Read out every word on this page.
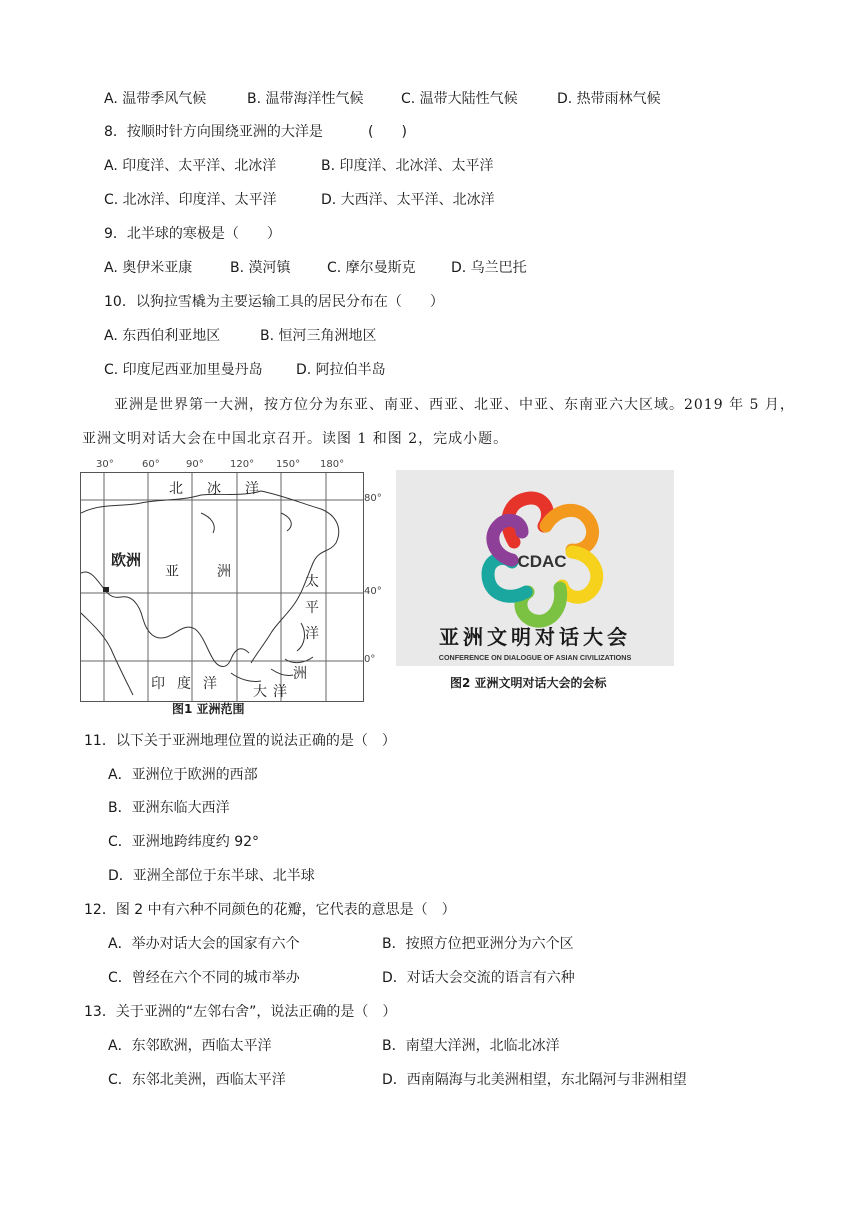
A. 温带季风气候	B. 温带海洋性气候	C. 温带大陆性气候	D. 热带雨林气候
8．按顺时针方向围绕亚洲的大洋是	(　　)
A. 印度洋、太平洋、北冰洋	B. 印度洋、北冰洋、太平洋
C. 北冰洋、印度洋、太平洋	D. 大西洋、太平洋、北冰洋
9．北半球的寒极是（　　）
A. 奥伊米亚康	B. 漠河镇	C. 摩尔曼斯克	D. 乌兰巴托
10．以狗拉雪橇为主要运输工具的居民分布在（　　）
A. 东西伯利亚地区	B. 恒河三角洲地区
C. 印度尼西亚加里曼丹岛 D. 阿拉伯半岛
亚洲是世界第一大洲，按方位分为东亚、南亚、西亚、北亚、中亚、东南亚六大区域。2019 年 5 月，
亚洲文明对话大会在中国北京召开。读图 1 和图 2，完成小题。
30°	60°	90°	120° 150° 180°
北 冰 洋
欧洲
亚	洲
太
平
洋
印 度 洋
洲
大 洋
80°
40°
0°
图1 亚洲范围
CDAC
亚洲文明对话大会
CONFERENCE ON DIALOGUE OF ASIAN CIVILIZATIONS
图2 亚洲文明对话大会的会标
11．以下关于亚洲地理位置的说法正确的是（　）
A．亚洲位于欧洲的西部
B．亚洲东临大西洋
C．亚洲地跨纬度约 92°
D．亚洲全部位于东半球、北半球
12．图 2 中有六种不同颜色的花瓣，它代表的意思是（　）
A．举办对话大会的国家有六个	B．按照方位把亚洲分为六个区
C．曾经在六个不同的城市举办	D．对话大会交流的语言有六种
13．关于亚洲的“左邻右舍”，说法正确的是（　）
A．东邻欧洲，西临太平洋	B．南望大洋洲，北临北冰洋
C．东邻北美洲，西临太平洋	D．西南隔海与北美洲相望，东北隔河与非洲相望
